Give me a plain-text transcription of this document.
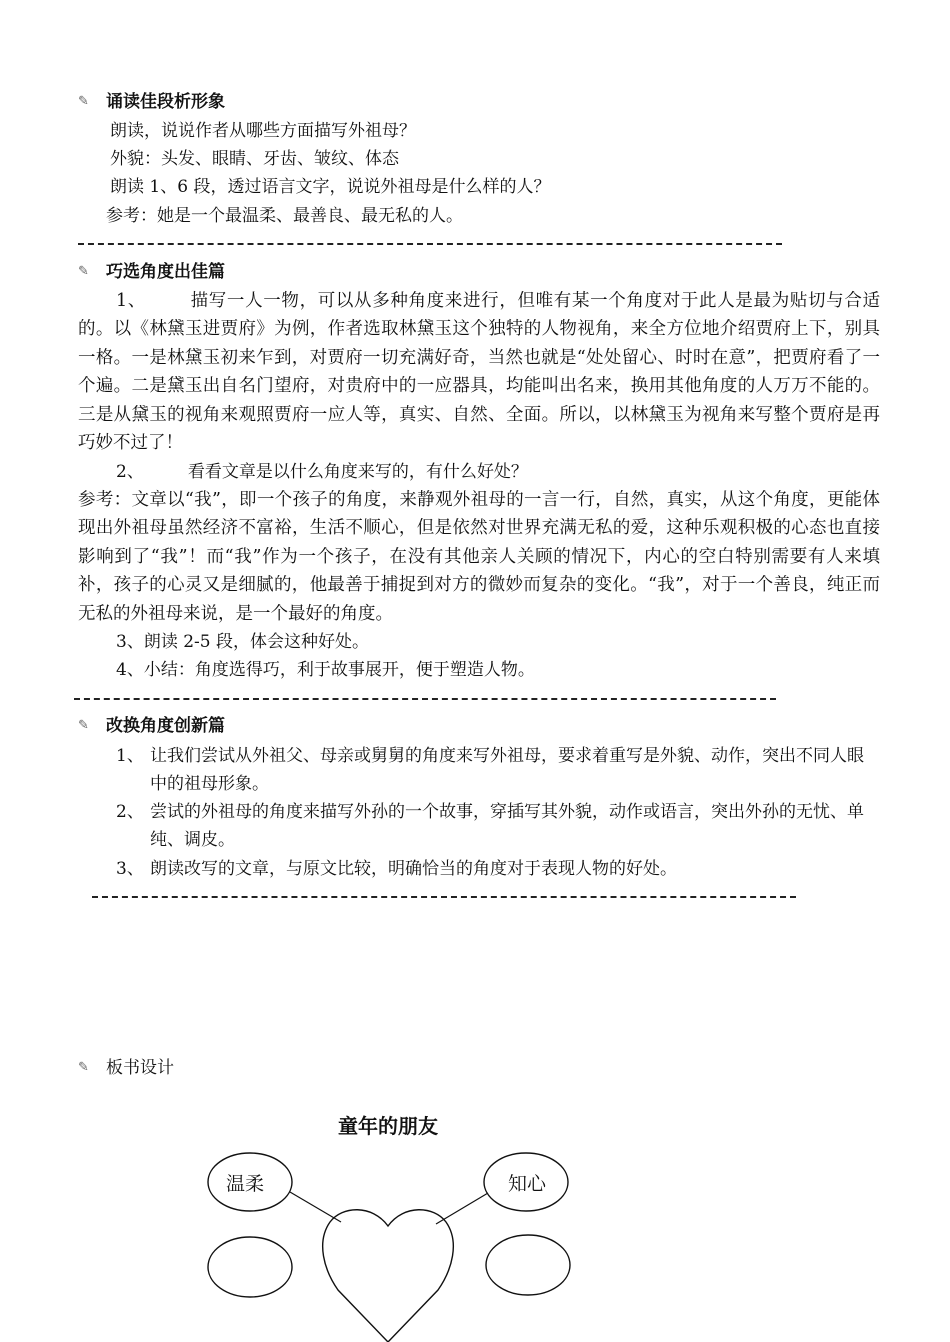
✎ 诵读佳段析形象
朗读，说说作者从哪些方面描写外祖母？
外貌：头发、眼睛、牙齿、皱纹、体态
朗读 1、6 段，透过语言文字，说说外祖母是什么样的人？
参考：她是一个最温柔、最善良、最无私的人。
✎ 巧选角度出佳篇
1、	描写一人一物，可以从多种角度来进行，但唯有某一个角度对于此人是最为贴切与合适的。以《林黛玉进贾府》为例，作者选取林黛玉这个独特的人物视角，来全方位地介绍贾府上下，别具一格。一是林黛玉初来乍到，对贾府一切充满好奇，当然也就是“处处留心、时时在意”，把贾府看了一个遍。二是黛玉出自名门望府，对贵府中的一应器具，均能叫出名来，换用其他角度的人万万不能的。三是从黛玉的视角来观照贾府一应人等，真实、自然、全面。所以，以林黛玉为视角来写整个贾府是再巧妙不过了！
2、	看看文章是以什么角度来写的，有什么好处？
参考：文章以“我”，即一个孩子的角度，来静观外祖母的一言一行，自然，真实，从这个角度，更能体现出外祖母虽然经济不富裕，生活不顺心，但是依然对世界充满无私的爱，这种乐观积极的心态也直接影响到了“我”！而“我”作为一个孩子，在没有其他亲人关顾的情况下，内心的空白特别需要有人来填补，孩子的心灵又是细腻的，他最善于捕捉到对方的微妙而复杂的变化。“我”，对于一个善良，纯正而无私的外祖母来说，是一个最好的角度。
3、朗读 2-5 段，体会这种好处。
4、小结：角度选得巧，利于故事展开，便于塑造人物。
✎ 改换角度创新篇
1、 让我们尝试从外祖父、母亲或舅舅的角度来写外祖母，要求着重写是外貌、动作，突出不同人眼中的祖母形象。
2、 尝试的外祖母的角度来描写外孙的一个故事，穿插写其外貌，动作或语言，突出外孙的无忧、单纯、调皮。
3、 朗读改写的文章，与原文比较，明确恰当的角度对于表现人物的好处。
✎ 板书设计
童年的朋友
温柔	知心
